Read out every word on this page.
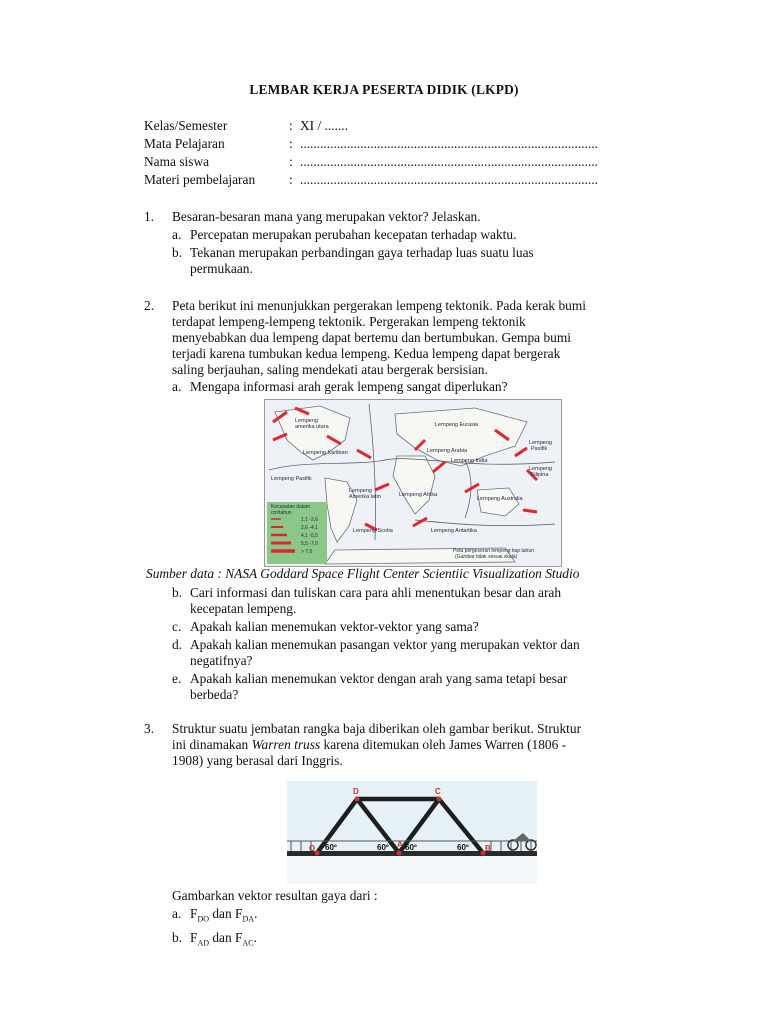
LEMBAR KERJA PESERTA DIDIK (LKPD)
Kelas/Semester	: XI / .......
Mata Pelajaran	: .........................................................................................
Nama siswa	: .........................................................................................
Materi pembelajaran	: .........................................................................................
1. Besaran-besaran mana yang merupakan vektor? Jelaskan.
a. Percepatan merupakan perubahan kecepatan terhadap waktu.
b. Tekanan merupakan perbandingan gaya terhadap luas suatu luas
permukaan.
2. Peta berikut ini menunjukkan pergerakan lempeng tektonik. Pada kerak bumi
terdapat lempeng-lempeng tektonik. Pergerakan lempeng tektonik
menyebabkan dua lempeng dapat bertemu dan bertumbukan. Gempa bumi
terjadi karena tumbukan kedua lempeng. Kedua lempeng dapat bergerak
saling berjauhan, saling mendekati atau bergerak bersisian.
a. Mengapa informasi arah gerak lempeng sangat diperlukan?
Lempeng
amerika utara	Lempeng Eurasia
Lempeng Karibian	Lempeng Arabia
Lempeng India
Lempeng
Pasifik
Lempeng
Filipina
Lempeng Pasifik
Lempeng
Amerika latin	Lempeng Afrika
Lempeng Australia
Lempeng Scotia	Lempeng Antartika
Kecepatan dalam
cm/tahun
1,1 -2,6
2,6 -4,1
4,1 -5,5
5,5 -7,0
> 7,0	Peta pergeseran lempeng tiap tahun
(Gambar tidak sesuai skala)
Sumber data : NASA Goddard Space Flight Center Scientiic Visualization Studio
b. Cari informasi dan tuliskan cara para ahli menentukan besar dan arah
kecepatan lempeng.
c. Apakah kalian menemukan vektor-vektor yang sama?
d. Apakah kalian menemukan pasangan vektor yang merupakan vektor dan
negatifnya?
e. Apakah kalian menemukan vektor dengan arah yang sama tetapi besar
berbeda?
3. Struktur suatu jembatan rangka baja diberikan oleh gambar berikut. Struktur
ini dinamakan Warren truss karena ditemukan oleh James Warren (1806 -
1908) yang berasal dari Inggris.
D	C
O	A	B
60º	60º 60º	60º
Gambarkan vektor resultan gaya dari :
a. $F_{DO}$ dan $F_{DA}$.
b. $F_{AD}$ dan $F_{AC}$.
